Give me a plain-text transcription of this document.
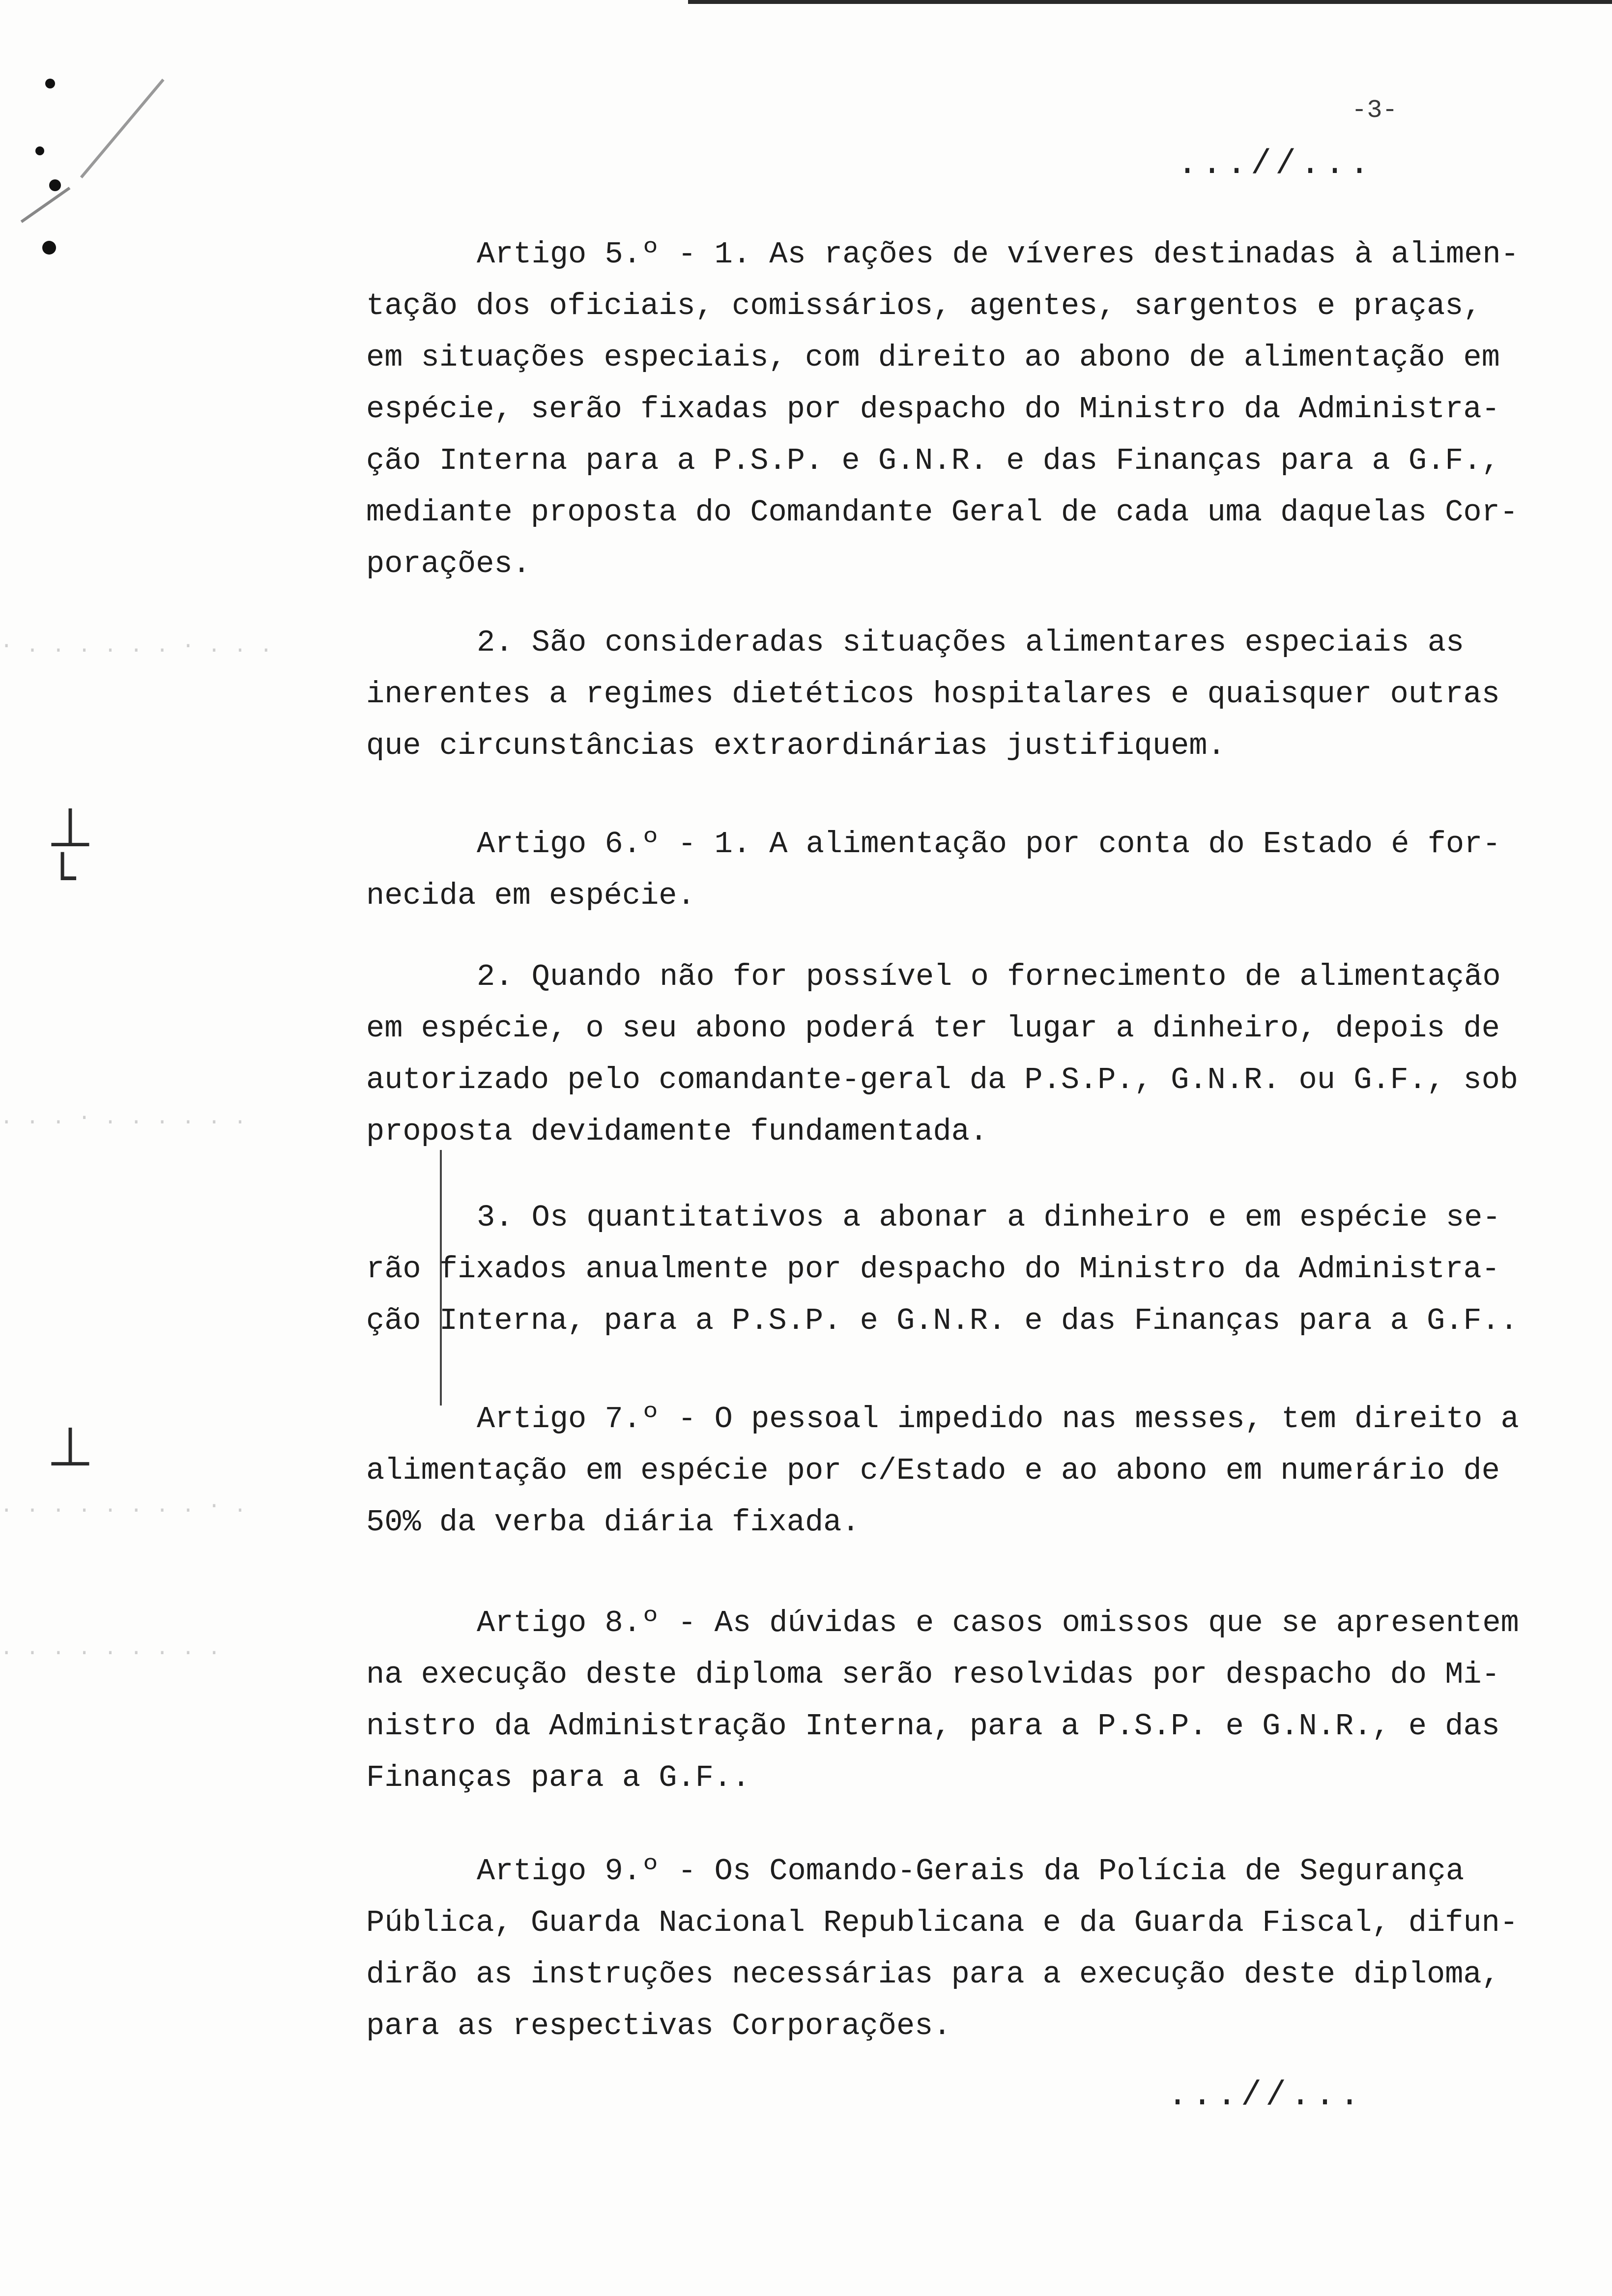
⊥
└
⊥
· . . . . . . · . . .
. . . · . . . . . .
. . . . . . . . · .
. . . . . . . . .
-3-
...//...
Artigo 5.º - 1. As rações de víveres destinadas à alimen-
tação dos oficiais, comissários, agentes, sargentos e praças,
em situações especiais, com direito ao abono de alimentação em
espécie, serão fixadas por despacho do Ministro da Administra-
ção Interna para a P.S.P. e G.N.R. e das Finanças para a G.F.,
mediante proposta do Comandante Geral de cada uma daquelas Cor-
porações.
2. São consideradas situações alimentares especiais as
inerentes a regimes dietéticos hospitalares e quaisquer outras
que circunstâncias extraordinárias justifiquem.
Artigo 6.º - 1. A alimentação por conta do Estado é for-
necida em espécie.
2. Quando não for possível o fornecimento de alimentação
em espécie, o seu abono poderá ter lugar a dinheiro, depois de
autorizado pelo comandante-geral da P.S.P., G.N.R. ou G.F., sob
proposta devidamente fundamentada.
3. Os quantitativos a abonar a dinheiro e em espécie se-
rão fixados anualmente por despacho do Ministro da Administra-
ção Interna, para a P.S.P. e G.N.R. e das Finanças para a G.F..
Artigo 7.º - O pessoal impedido nas messes, tem direito a
alimentação em espécie por c/Estado e ao abono em numerário de
50% da verba diária fixada.
Artigo 8.º - As dúvidas e casos omissos que se apresentem
na execução deste diploma serão resolvidas por despacho do Mi-
nistro da Administração Interna, para a P.S.P. e G.N.R., e das
Finanças para a G.F..
Artigo 9.º - Os Comando-Gerais da Polícia de Segurança
Pública, Guarda Nacional Republicana e da Guarda Fiscal, difun-
dirão as instruções necessárias para a execução deste diploma,
para as respectivas Corporações.
...//...
